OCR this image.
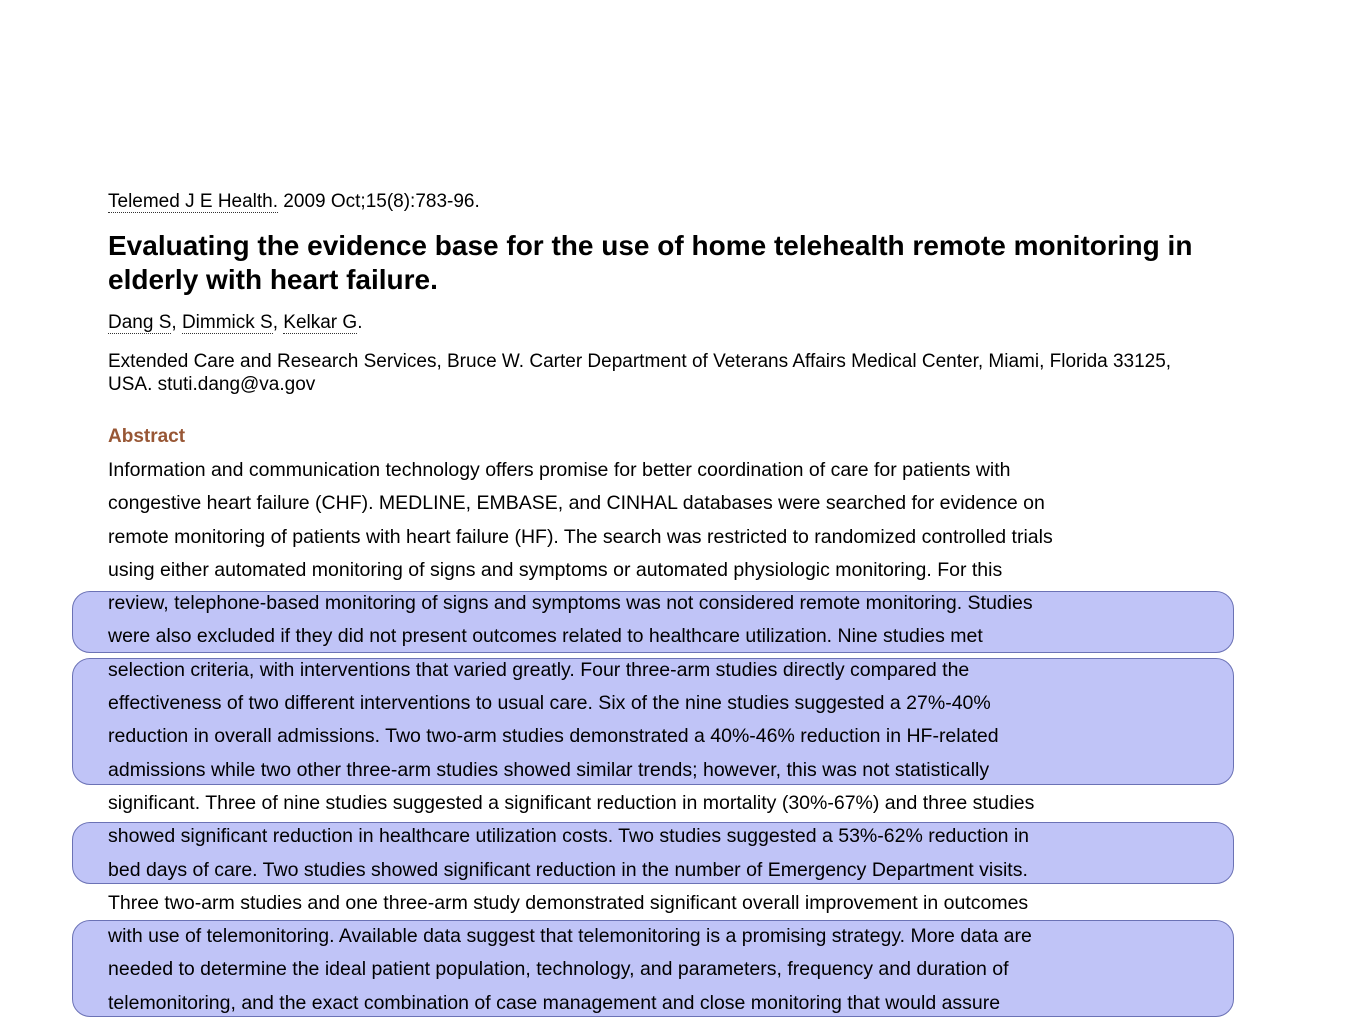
Telemed J E Health. 2009 Oct;15(8):783-96.
Evaluating the evidence base for the use of home telehealth remote monitoring in elderly with heart failure.
Dang S, Dimmick S, Kelkar G.
Extended Care and Research Services, Bruce W. Carter Department of Veterans Affairs Medical Center, Miami, Florida 33125, USA. stuti.dang@va.gov
Abstract
Information and communication technology offers promise for better coordination of care for patients with
congestive heart failure (CHF). MEDLINE, EMBASE, and CINHAL databases were searched for evidence on
remote monitoring of patients with heart failure (HF). The search was restricted to randomized controlled trials
using either automated monitoring of signs and symptoms or automated physiologic monitoring. For this
review, telephone-based monitoring of signs and symptoms was not considered remote monitoring. Studies
were also excluded if they did not present outcomes related to healthcare utilization. Nine studies met
selection criteria, with interventions that varied greatly. Four three-arm studies directly compared the
effectiveness of two different interventions to usual care. Six of the nine studies suggested a 27%-40%
reduction in overall admissions. Two two-arm studies demonstrated a 40%-46% reduction in HF-related
admissions while two other three-arm studies showed similar trends; however, this was not statistically
significant. Three of nine studies suggested a significant reduction in mortality (30%-67%) and three studies
showed significant reduction in healthcare utilization costs. Two studies suggested a 53%-62% reduction in
bed days of care. Two studies showed significant reduction in the number of Emergency Department visits.
Three two-arm studies and one three-arm study demonstrated significant overall improvement in outcomes
with use of telemonitoring. Available data suggest that telemonitoring is a promising strategy. More data are
needed to determine the ideal patient population, technology, and parameters, frequency and duration of
telemonitoring, and the exact combination of case management and close monitoring that would assure
